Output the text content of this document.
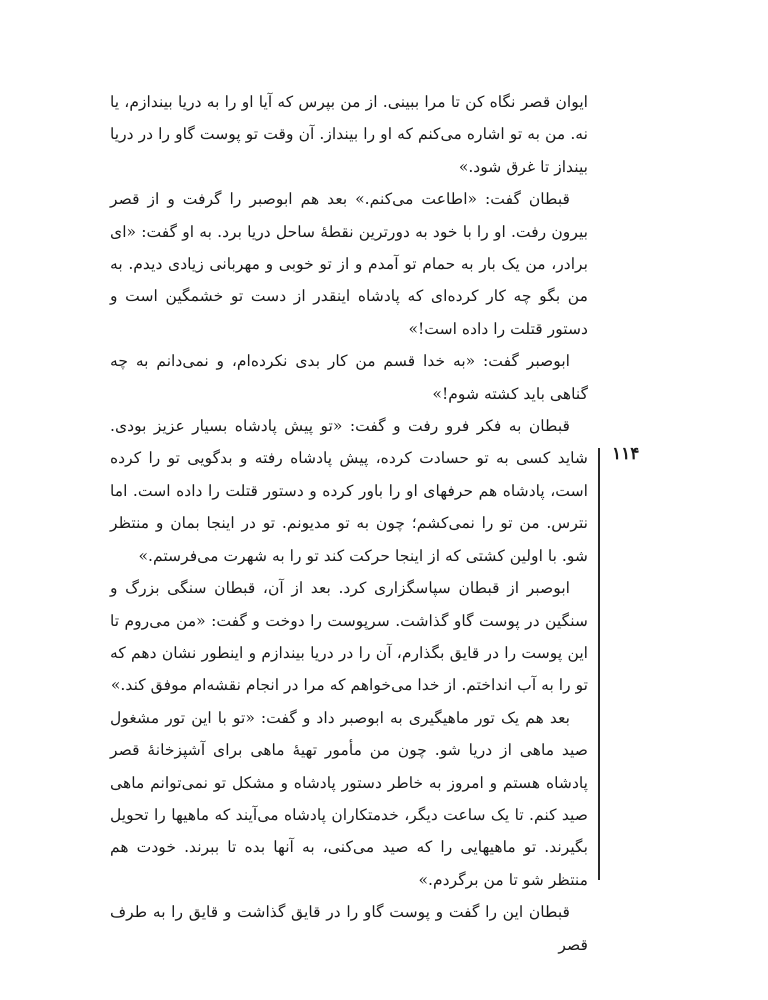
ایوان قصر نگاه کن تا مرا ببینی. از من بپرس که آیا او را به دریا بیندازم، یا نه. من به تو اشاره می‌کنم که او را بینداز. آن وقت تو پوست گاو را در دریا بینداز تا غرق شود.»

قبطان گفت: «اطاعت می‌کنم.» بعد هم ابوصبر را گرفت و از قصر بیرون رفت. او را با خود به دورترین نقطهٔ ساحل دریا برد. به او گفت: «ای برادر، من یک بار به حمام تو آمدم و از تو خوبی و مهربانی زیادی دیدم. به من بگو چه کار کرده‌ای که پادشاه اینقدر از دست تو خشمگین است و دستور قتلت را داده است!»

ابوصبر گفت: «به خدا قسم من کار بدی نکرده‌ام، و نمی‌دانم به چه گناهی باید کشته شوم!»

قبطان به فکر فرو رفت و گفت: «تو پیش پادشاه بسیار عزیز بودی. شاید کسی به تو حسادت کرده، پیش پادشاه رفته و بدگویی تو را کرده است، پادشاه هم حرفهای او را باور کرده و دستور قتلت را داده است. اما نترس. من تو را نمی‌کشم؛ چون به تو مدیونم. تو در اینجا بمان و منتظر شو. با اولین کشتی که از اینجا حرکت کند تو را به شهرت می‌فرستم.»

ابوصبر از قبطان سپاسگزاری کرد. بعد از آن، قبطان سنگی بزرگ و سنگین در پوست گاو گذاشت. سرپوست را دوخت و گفت: «من می‌روم تا این پوست را در قایق بگذارم، آن را در دریا بیندازم و اینطور نشان دهم که تو را به آب انداختم. از خدا می‌خواهم که مرا در انجام نقشه‌ام موفق کند.»

بعد هم یک تور ماهیگیری به ابوصبر داد و گفت: «تو با این تور مشغول صید ماهی از دریا شو. چون من مأمور تهیهٔ ماهی برای آشپزخانهٔ قصر پادشاه هستم و امروز به خاطر دستور پادشاه و مشکل تو نمی‌توانم ماهی صید کنم. تا یک ساعت دیگر، خدمتکاران پادشاه می‌آیند که ماهیها را تحویل بگیرند. تو ماهیهایی را که صید می‌کنی، به آنها بده تا ببرند. خودت هم منتظر شو تا من برگردم.»

قبطان این را گفت و پوست گاو را در قایق گذاشت و قایق را به طرف قصر

۱۱۴
